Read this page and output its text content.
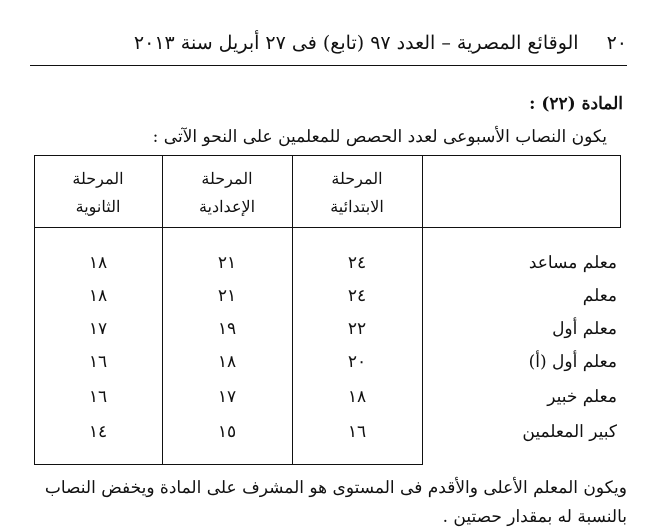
٢٠
الوقائع المصرية – العدد ٩٧ (تابع) فى ٢٧ أبريل سنة ٢٠١٣
المادة (٢٢) :
يكون النصاب الأسبوعى لعدد الحصص للمعلمين على النحو الآتى :
المرحلة
الابتدائية
المرحلة
الإعدادية
المرحلة
الثانوية
معلم مساعد
٢٤
٢١
١٨
معلم
٢٤
٢١
١٨
معلم أول
٢٢
١٩
١٧
معلم أول (أ)
٢٠
١٨
١٦
معلم خبير
١٨
١٧
١٦
كبير المعلمين
١٦
١٥
١٤
ويكون المعلم الأعلى والأقدم فى المستوى هو المشرف على المادة ويخفض النصاب بالنسبة له بمقدار حصتين .
